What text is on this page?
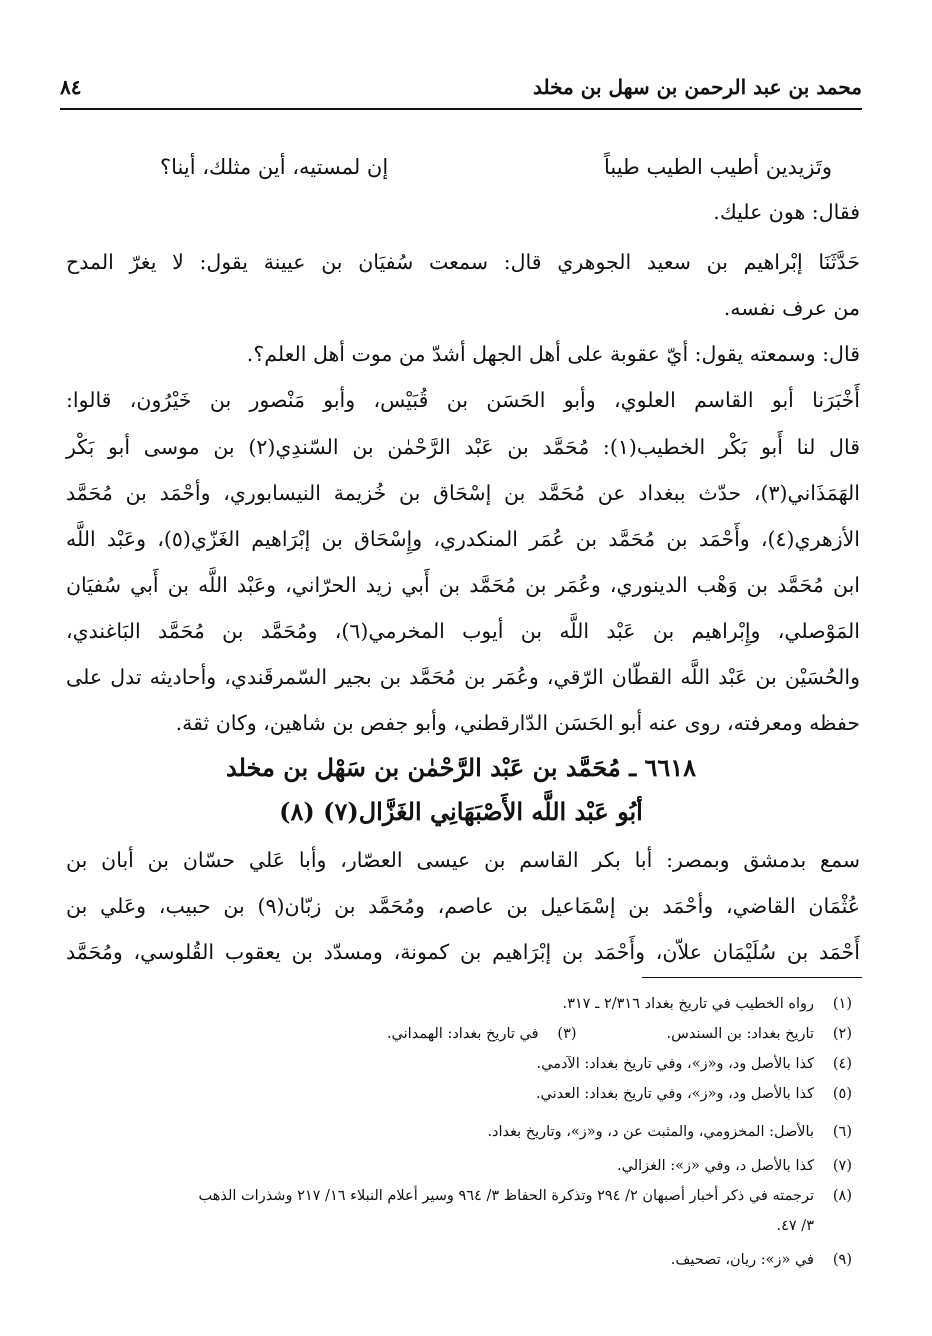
محمد بن عبد الرحمن بن سهل بن مخلد
٨٤
وتَزيدين أطيب الطيب طيباً
إن لمستيه، أين مثلك، أينا؟
فقال: هون عليك.
حَدَّثَنَا إبْراهيم بن سعيد الجوهري قال: سمعت سُفيَان بن عيينة يقول: لا يغرّ المدح
من عرف نفسه.
قال: وسمعته يقول: أيّ عقوبة على أهل الجهل أشدّ من موت أهل العلم؟.
أَخْبَرَنا أبو القاسم العلوي، وأبو الحَسَن بن قُبَيْس، وأبو مَنْصور بن خَيْرُون، قالوا:
قال لنا أَبو بَكْر الخطيب(١): مُحَمَّد بن عَبْد الرَّحْمٰن بن السّندِي(٢) بن موسى أبو بَكْر
الهَمَذَاني(٣)، حدّث ببغداد عن مُحَمَّد بن إسْحَاق بن خُزيمة النيسابوري، وأحْمَد بن مُحَمَّد
الأزهري(٤)، وأَحْمَد بن مُحَمَّد بن عُمَر المنكدري، وإِسْحَاق بن إبْرَاهيم الغَزّي(٥)، وعَبْد اللَّه
ابن مُحَمَّد بن وَهْب الدينوري، وعُمَر بن مُحَمَّد بن أَبي زيد الحرّاني، وعَبْد اللَّه بن أَبي سُفيَان
المَوْصلي، وإِبْراهيم بن عَبْد اللَّه بن أيوب المخرمي(٦)، ومُحَمَّد بن مُحَمَّد البَاغندي،
والحُسَيْن بن عَبْد اللَّه القطّان الرّقي، وعُمَر بن مُحَمَّد بن بجير السّمرقَندي، وأحاديثه تدل على
حفظه ومعرفته، روى عنه أبو الحَسَن الدّارقطني، وأبو جفص بن شاهين، وكان ثقة.
٦٦١٨ ـ مُحَمَّد بن عَبْد الرَّحْمٰن بن سَهْل بن مخلد
أبُو عَبْد اللَّه الأَصْبَهَانِي الغَزَّال(٧) (٨)
سمع بدمشق وبمصر: أبا بكر القاسم بن عيسى العصّار، وأبا عَلي حسّان بن أبان بن
عُثْمَان القاضي، وأحْمَد بن إسْمَاعيل بن عاصم، ومُحَمَّد بن زبّان(٩) بن حبيب، وعَلي بن
أَحْمَد بن سُلَيْمَان علاّن، وأَحْمَد بن إبْرَاهيم بن كمونة، ومسدّد بن يعقوب القُلوسي، ومُحَمَّد
(١)رواه الخطيب في تاريخ بغداد ٢/٣١٦ ـ ٣١٧.
(٢)تاريخ بغداد: بن السندس.
(٣)في تاريخ بغداد: الهمداني.
(٤)كذا بالأصل ود، و«ز»، وفي تاريخ بغداد: الآدمي.
(٥)كذا بالأصل ود، و«ز»، وفي تاريخ بغداد: العدني.
(٦)بالأصل: المخزومي، والمثبت عن د، و«ز»، وتاريخ بغداد.
(٧)كذا بالأصل د، وفي «ز»: الغزالي.
(٨)ترجمته في ذكر أخبار أصبهان ٢/ ٢٩٤ وتذكرة الحفاظ ٣/ ٩٦٤ وسير أعلام النبلاء ١٦/ ٢١٧ وشذرات الذهب
٣/ ٤٧.
(٩)في «ز»: ريان، تصحيف.
